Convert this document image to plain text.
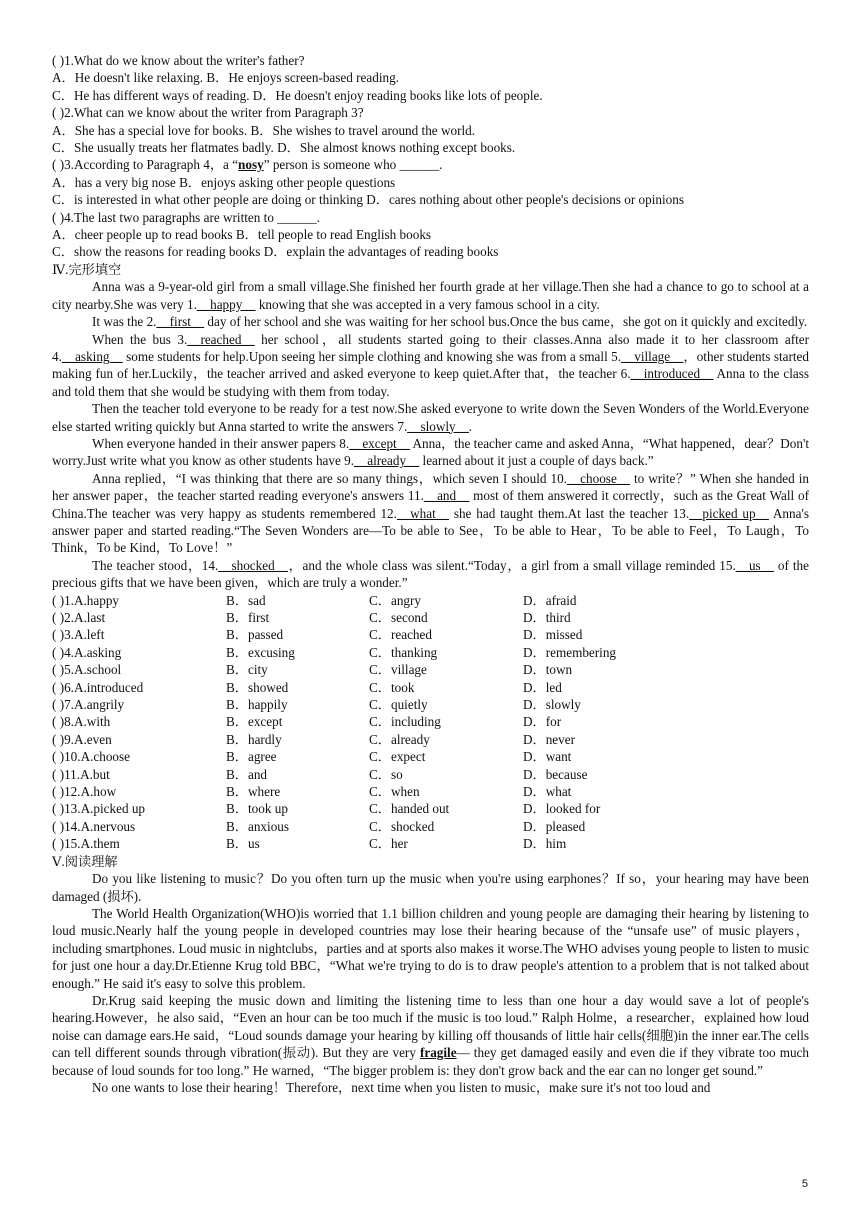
( )1.What do we know about the writer's father?
A．He doesn't like relaxing. B．He enjoys screen-based reading.
C．He has different ways of reading. D．He doesn't enjoy reading books like lots of people.
( )2.What can we know about the writer from Paragraph 3?
A．She has a special love for books. B．She wishes to travel around the world.
C．She usually treats her flatmates badly. D．She almost knows nothing except books.
( )3.According to Paragraph 4，a “nosy” person is someone who ______.
A．has a very big nose B．enjoys asking other people questions
C．is interested in what other people are doing or thinking D．cares nothing about other people's decisions or opinions
( )4.The last two paragraphs are written to ______.
A．cheer people up to read books B．tell people to read English books
C．show the reasons for reading books D．explain the advantages of reading books
Ⅳ.完形填空
Anna was a 9-year-old girl from a small village.She finished her fourth grade at her village.Then she had a chance to go to school at a city nearby.She was very 1.__happy__ knowing that she was accepted in a very famous school in a city.
It was the 2.__first__ day of her school and she was waiting for her school bus.Once the bus came，she got on it quickly and excitedly.
When the bus 3.__reached__ her school，all students started going to their classes.Anna also made it to her classroom after 4.__asking__ some students for help.Upon seeing her simple clothing and knowing she was from a small 5.__village__，other students started making fun of her.Luckily，the teacher arrived and asked everyone to keep quiet.After that，the teacher 6.__introduced__ Anna to the class and told them that she would be studying with them from today.
Then the teacher told everyone to be ready for a test now.She asked everyone to write down the Seven Wonders of the World.Everyone else started writing quickly but Anna started to write the answers 7.__slowly__.
When everyone handed in their answer papers 8.__except__ Anna，the teacher came and asked Anna，“What happened，dear？Don't worry.Just write what you know as other students have 9.__already__ learned about it just a couple of days back.”
Anna replied，“I was thinking that there are so many things，which seven I should 10.__choose__ to write？” When she handed in her answer paper，the teacher started reading everyone's answers 11.__and__ most of them answered it correctly，such as the Great Wall of China.The teacher was very happy as students remembered 12.__what__ she had taught them.At last the teacher 13.__picked up__ Anna's answer paper and started reading.“The Seven Wonders are—To be able to See，To be able to Hear，To be able to Feel，To Laugh，To Think，To be Kind，To Love！”
The teacher stood，14.__shocked__，and the whole class was silent.“Today，a girl from a small village reminded 15.__us__ of the precious gifts that we have been given，which are truly a wonder.”
( )1.A.happy	B．sad	C．angry	D．afraid
( )2.A.last	B．first	C．second	D．third
( )3.A.left	B．passed	C．reached	D．missed
( )4.A.asking	B．excusing	C．thanking	D．remembering
( )5.A.school	B．city	C．village	D．town
( )6.A.introduced	B．showed	C．took	D．led
( )7.A.angrily	B．happily	C．quietly	D．slowly
( )8.A.with	B．except	C．including	D．for
( )9.A.even	B．hardly	C．already	D．never
( )10.A.choose	B．agree	C．expect	D．want
( )11.A.but	B．and	C．so	D．because
( )12.A.how	B．where	C．when	D．what
( )13.A.picked up	B．took up	C．handed out	D．looked for
( )14.A.nervous	B．anxious	C．shocked	D．pleased
( )15.A.them	B．us	C．her	D．him
Ⅴ.阅读理解
Do you like listening to music？Do you often turn up the music when you're using earphones？If so，your hearing may have been damaged (损坏).
The World Health Organization(WHO)is worried that 1.1 billion children and young people are damaging their hearing by listening to loud music.Nearly half the young people in developed countries may lose their hearing because of the “unsafe use” of music players，including smartphones. Loud music in nightclubs，parties and at sports also makes it worse.The WHO advises young people to listen to music for just one hour a day.Dr.Etienne Krug told BBC，“What we're trying to do is to draw people's attention to a problem that is not talked about enough.” He said it's easy to solve this problem.
Dr.Krug said keeping the music down and limiting the listening time to less than one hour a day would save a lot of people's hearing.However，he also said，“Even an hour can be too much if the music is too loud.” Ralph Holme，a researcher，explained how loud noise can damage ears.He said，“Loud sounds damage your hearing by killing off thousands of little hair cells(细胞)in the inner ear.The cells can tell different sounds through vibration(振动). But they are very fragile— they get damaged easily and even die if they vibrate too much because of loud sounds for too long.” He warned，“The bigger problem is: they don't grow back and the ear can no longer get sound.”
No one wants to lose their hearing！Therefore，next time when you listen to music，make sure it's not too loud and
5
